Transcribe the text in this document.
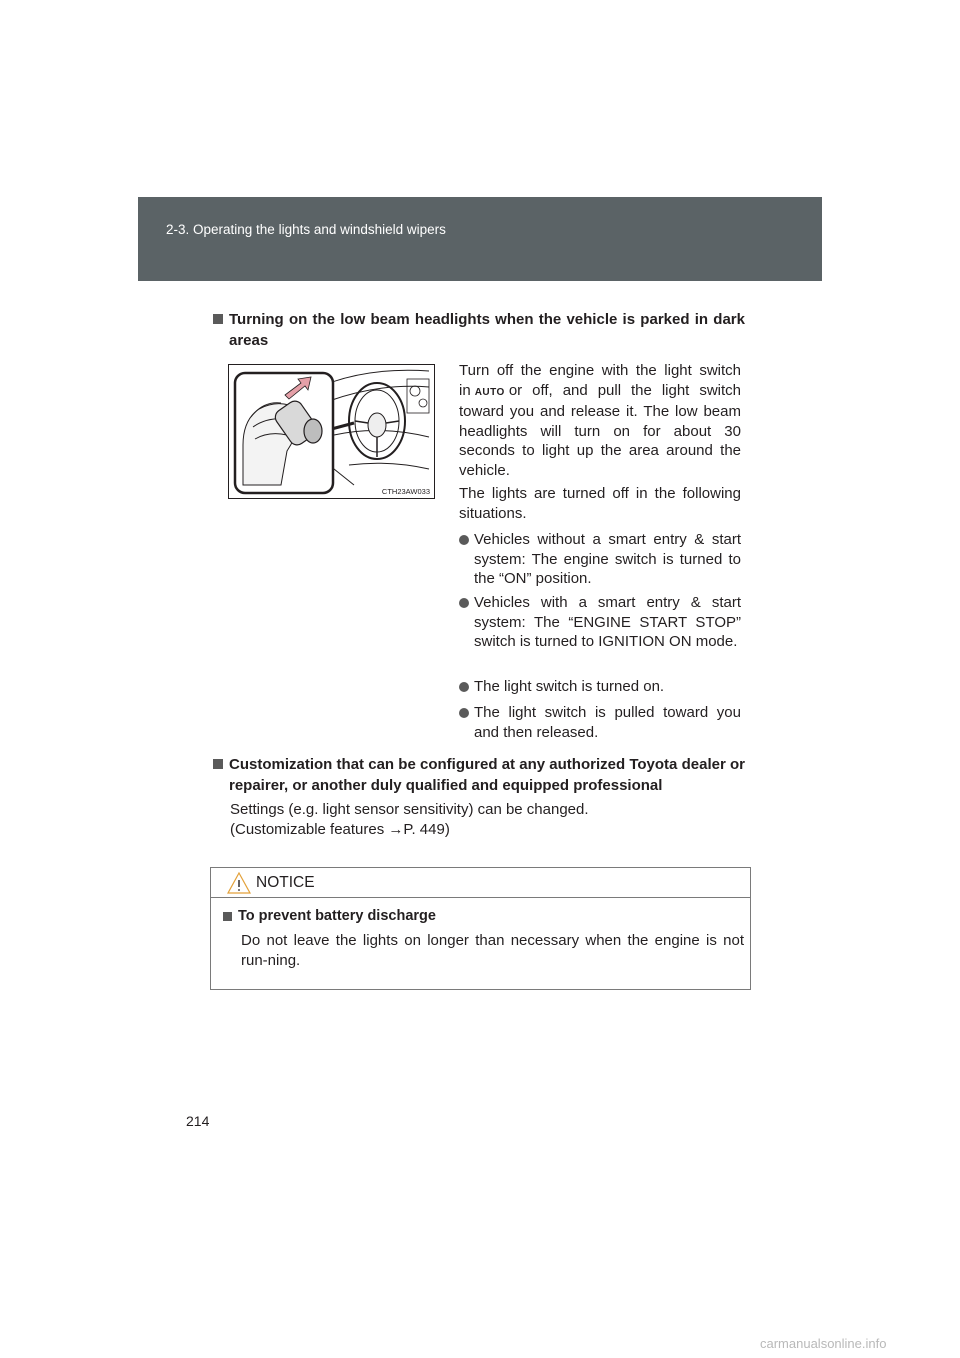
2-3. Operating the lights and windshield wipers
Turning on the low beam headlights when the vehicle is parked in dark areas
CTH23AW033
Turn off the engine with the light switch in AUTO or off, and pull the light switch toward you and release it. The low beam headlights will turn on for about 30 seconds to light up the area around the vehicle.
The lights are turned off in the following situations.
Vehicles without a smart entry & start system: The engine switch is turned to the “ON” position.
Vehicles with a smart entry & start system: The “ENGINE START STOP” switch is turned to IGNITION ON mode.
The light switch is turned on.
The light switch is pulled toward you and then released.
Customization that can be configured at any authorized Toyota dealer or repairer, or another duly qualified and equipped professional
Settings (e.g. light sensor sensitivity) can be changed.
(Customizable features →P. 449)
NOTICE
To prevent battery discharge
Do not leave the lights on longer than necessary when the engine is not run-ning.
214
carmanualsonline.info
